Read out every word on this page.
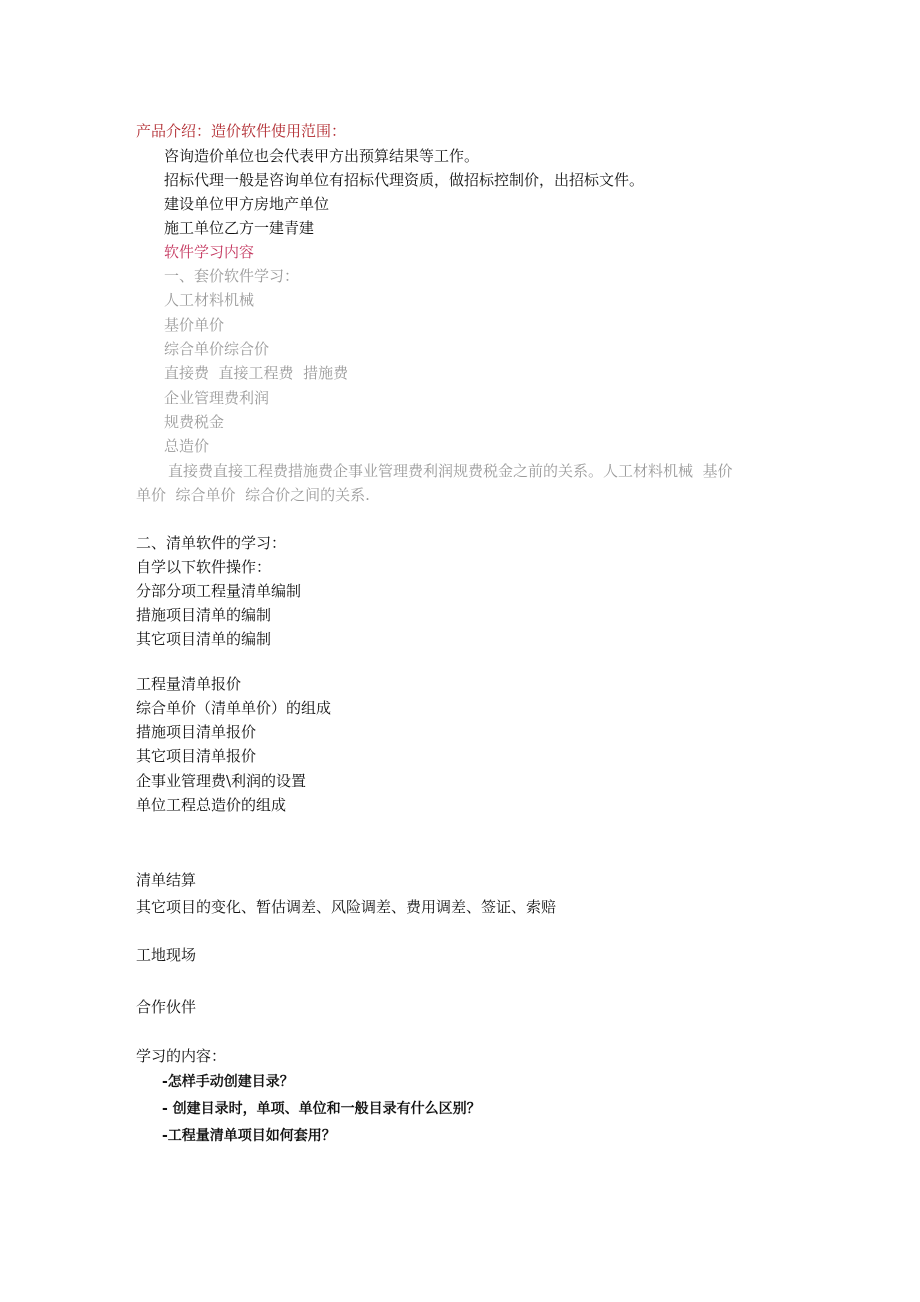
产品介绍：造价软件使用范围：
咨询造价单位也会代表甲方出预算结果等工作。
招标代理一般是咨询单位有招标代理资质，做招标控制价，出招标文件。
建设单位甲方房地产单位
施工单位乙方一建青建
软件学习内容
一、套价软件学习：
人工材料机械
基价单价
综合单价综合价
直接费  直接工程费  措施费
企业管理费利润
规费税金
总造价
直接费直接工程费措施费企事业管理费利润规费税金之前的关系。人工材料机械  基价
单价  综合单价  综合价之间的关系.
二、清单软件的学习：
自学以下软件操作：
分部分项工程量清单编制
措施项目清单的编制
其它项目清单的编制
工程量清单报价
综合单价（清单单价）的组成
措施项目清单报价
其它项目清单报价
企事业管理费\利润的设置
单位工程总造价的组成
清单结算
其它项目的变化、暂估调差、风险调差、费用调差、签证、索赔
工地现场
合作伙伴
学习的内容：
-怎样手动创建目录？
- 创建目录时，单项、单位和一般目录有什么区别？
-工程量清单项目如何套用？
